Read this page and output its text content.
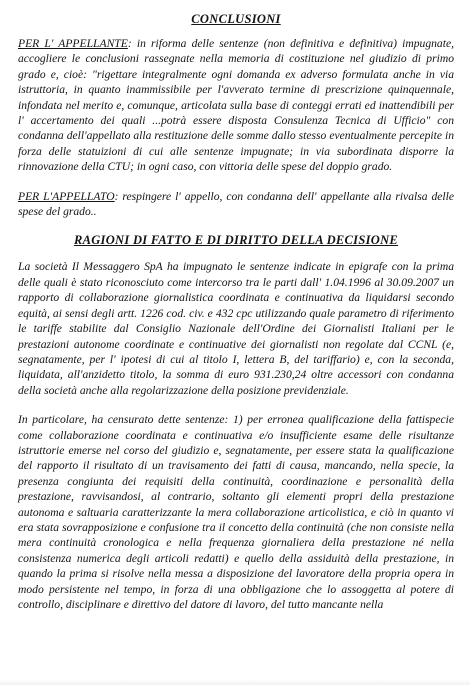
CONCLUSIONI

PER L' APPELLANTE: in riforma delle sentenze (non definitiva e definitiva) impugnate, accogliere le conclusioni rassegnate nella memoria di costituzione nel giudizio di primo grado e, cioè: "rigettare integralmente ogni domanda ex adverso formulata anche in via istruttoria, in quanto inammissibile per l'avverato termine di prescrizione quinquennale, infondata nel merito e, comunque, articolata sulla base di conteggi errati ed inattendibili per l' accertamento dei quali ...potrà essere disposta Consulenza Tecnica di Ufficio" con condanna dell'appellato alla restituzione delle somme dallo stesso eventualmente percepite in forza delle statuizioni di cui alle sentenze impugnate; in via subordinata disporre la rinnovazione della CTU; in ogni caso, con vittoria delle spese del doppio grado.

PER L'APPELLATO: respingere l' appello, con condanna dell' appellante alla rivalsa delle spese del grado..

RAGIONI DI FATTO E DI DIRITTO DELLA DECISIONE

La società Il Messaggero SpA ha impugnato le sentenze indicate in epigrafe con la prima delle quali è stato riconosciuto come intercorso tra le parti dall' 1.04.1996 al 30.09.2007 un rapporto di collaborazione giornalistica coordinata e continuativa da liquidarsi secondo equità, ai sensi degli artt. 1226 cod. civ. e 432 cpc utilizzando quale parametro di riferimento le tariffe stabilite dal Consiglio Nazionale dell'Ordine dei Giornalisti Italiani per le prestazioni autonome coordinate e continuative dei giornalisti non regolate dal CCNL (e, segnatamente, per l' ipotesi di cui al titolo I, lettera B, del tariffario) e, con la seconda, liquidata, all'anzidetto titolo, la somma di euro 931.230,24 oltre accessori con condanna della società anche alla regolarizzazione della posizione previdenziale.

In particolare, ha censurato dette sentenze: 1) per erronea qualificazione della fattispecie come collaborazione coordinata e continuativa e/o insufficiente esame delle risultanze istruttorie emerse nel corso del giudizio e, segnatamente, per essere stata la qualificazione del rapporto il risultato di un travisamento dei fatti di causa, mancando, nella specie, la presenza congiunta dei requisiti della continuità, coordinazione e personalità della prestazione, ravvisandosi, al contrario, soltanto gli elementi propri della prestazione autonoma e saltuaria caratterizzante la mera collaborazione articolistica, e ciò in quanto vi era stata sovrapposizione e confusione tra il concetto della continuità (che non consiste nella mera continuità cronologica e nella frequenza giornaliera della prestazione né nella consistenza numerica degli articoli redatti) e quello della assiduità della prestazione, in quando la prima si risolve nella messa a disposizione del lavoratore della propria opera in modo persistente nel tempo, in forza di una obbligazione che lo assoggetta al potere di controllo, disciplinare e direttivo del datore di lavoro, del tutto mancante nella
